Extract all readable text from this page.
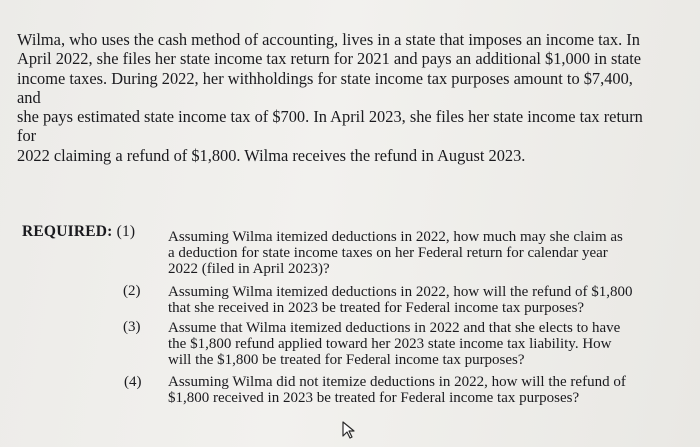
Wilma, who uses the cash method of accounting, lives in a state that imposes an income tax. In

April 2022, she files her state income tax return for 2021 and pays an additional $1,000 in state

income taxes. During 2022, her withholdings for state income tax purposes amount to $7,400, and

she pays estimated state income tax of $700. In April 2023, she files her state income tax return for

2022 claiming a refund of $1,800. Wilma receives the refund in August 2023.

REQUIRED: (1) Assuming Wilma itemized deductions in 2022, how much may she claim as
a deduction for state income taxes on her Federal return for calendar year
2022 (filed in April 2023)?
(2)	Assuming Wilma itemized deductions in 2022, how will the refund of $1,800
that she received in 2023 be treated for Federal income tax purposes?
(3)	Assume that Wilma itemized deductions in 2022 and that she elects to have
the $1,800 refund applied toward her 2023 state income tax liability. How
will the $1,800 be treated for Federal income tax purposes?
(4)	Assuming Wilma did not itemize deductions in 2022, how will the refund of
$1,800 received in 2023 be treated for Federal income tax purposes?
